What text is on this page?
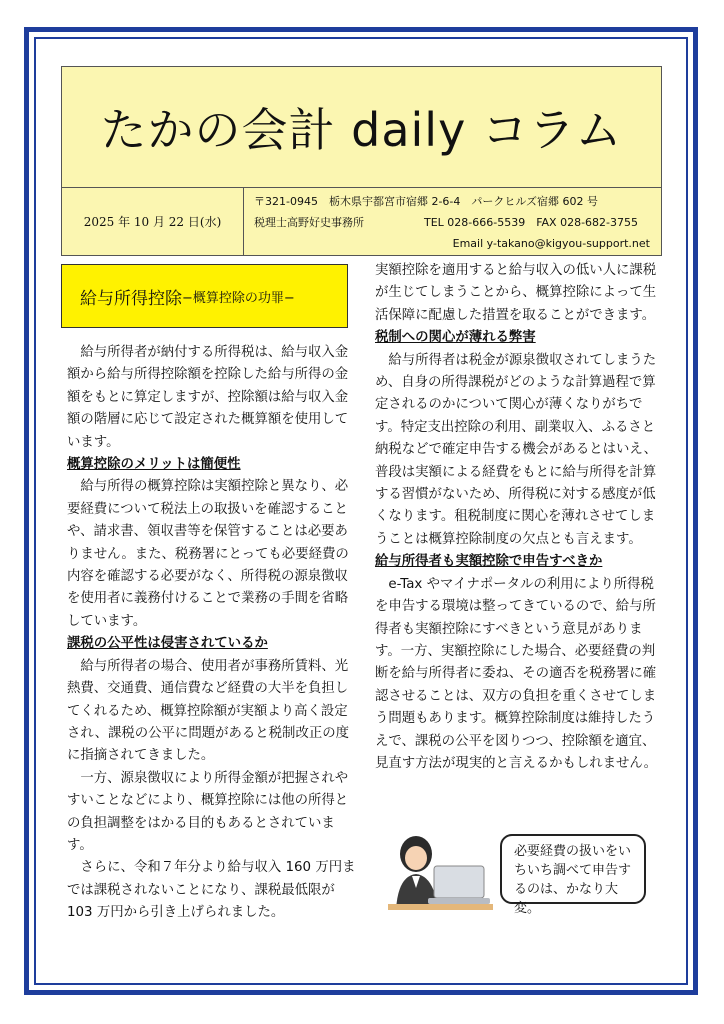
たかの会計 daily コラム
2025 年 10 月 22 日(水)
〒321-0945　栃木県宇都宮市宿郷 2-6-4　パークヒルズ宿郷 602 号
税理士高野好史事務所	TEL 028-666-5539　FAX 028-682-3755
Email y-takano@kigyou-support.net
給与所得控除 −概算控除の功罪−

給与所得者が納付する所得税は、給与収入金額から給与所得控除額を控除した給与所得の金額をもとに算定しますが、控除額は給与収入金額の階層に応じて設定された概算額を使用しています。

概算控除のメリットは簡便性

給与所得の概算控除は実額控除と異なり、必要経費について税法上の取扱いを確認することや、請求書、領収書等を保管することは必要ありません。また、税務署にとっても必要経費の内容を確認する必要がなく、所得税の源泉徴収を使用者に義務付けることで業務の手間を省略しています。

課税の公平性は侵害されているか

給与所得者の場合、使用者が事務所賃料、光熱費、交通費、通信費など経費の大半を負担してくれるため、概算控除額が実額より高く設定され、課税の公平に問題があると税制改正の度に指摘されてきました。

一方、源泉徴収により所得金額が把握されやすいことなどにより、概算控除には他の所得との負担調整をはかる目的もあるとされています。

さらに、令和７年分より給与収入 160 万円までは課税されないことになり、課税最低限が 103 万円から引き上げられました。

実額控除を適用すると給与収入の低い人に課税が生じてしまうことから、概算控除によって生活保障に配慮した措置を取ることができます。

税制への関心が薄れる弊害

給与所得者は税金が源泉徴収されてしまうため、自身の所得課税がどのような計算過程で算定されるのかについて関心が薄くなりがちです。特定支出控除の利用、副業収入、ふるさと納税などで確定申告する機会があるとはいえ、普段は実額による経費をもとに給与所得を計算する習慣がないため、所得税に対する感度が低くなります。租税制度に関心を薄れさせてしまうことは概算控除制度の欠点とも言えます。

給与所得者も実額控除で申告すべきか

e-Tax やマイナポータルの利用により所得税を申告する環境は整ってきているので、給与所得者も実額控除にすべきという意見があります。一方、実額控除にした場合、必要経費の判断を給与所得者に委ね、その適否を税務署に確認させることは、双方の負担を重くさせてしまう問題もあります。概算控除制度は維持したうえで、課税の公平を図りつつ、控除額を適宜、見直す方法が現実的と言えるかもしれません。

必要経費の扱いをい
ちいち調べて申告す
るのは、かなり大変。
